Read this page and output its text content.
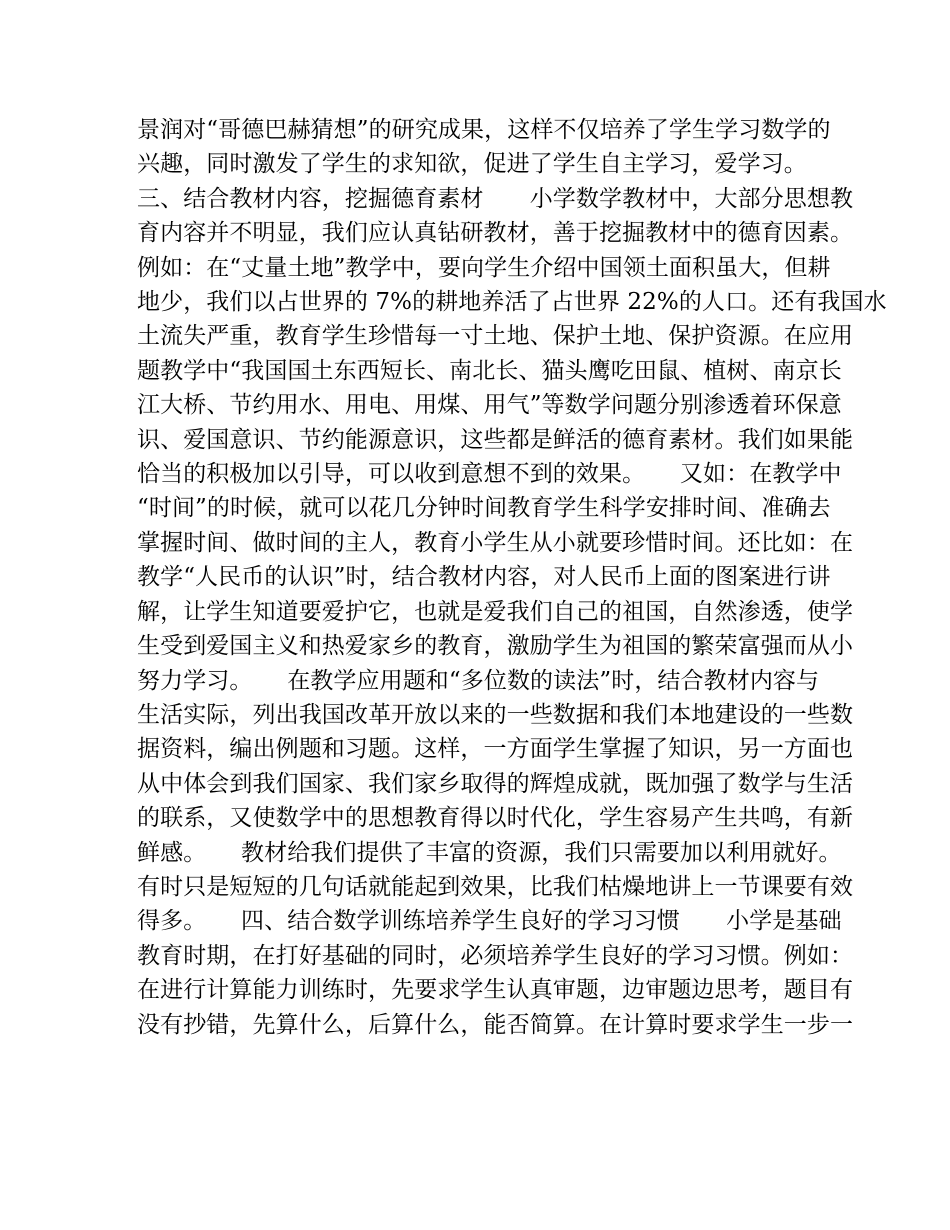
景润对“哥德巴赫猜想”的研究成果，这样不仅培养了学生学习数学的
兴趣，同时激发了学生的求知欲，促进了学生自主学习，爱学习。
三、结合教材内容，挖掘德育素材　　小学数学教材中，大部分思想教
育内容并不明显，我们应认真钻研教材，善于挖掘教材中的德育因素。
例如：在“丈量土地”教学中，要向学生介绍中国领土面积虽大，但耕
地少，我们以占世界的 7%的耕地养活了占世界 22%的人口。还有我国水
土流失严重，教育学生珍惜每一寸土地、保护土地、保护资源。在应用
题教学中“我国国土东西短长、南北长、猫头鹰吃田鼠、植树、南京长
江大桥、节约用水、用电、用煤、用气”等数学问题分别渗透着环保意
识、爱国意识、节约能源意识，这些都是鲜活的德育素材。我们如果能
恰当的积极加以引导，可以收到意想不到的效果。　　又如：在教学中
“时间”的时候，就可以花几分钟时间教育学生科学安排时间、准确去
掌握时间、做时间的主人，教育小学生从小就要珍惜时间。还比如：在
教学“人民币的认识”时，结合教材内容，对人民币上面的图案进行讲
解，让学生知道要爱护它，也就是爱我们自己的祖国，自然渗透，使学
生受到爱国主义和热爱家乡的教育，激励学生为祖国的繁荣富强而从小
努力学习。　　在教学应用题和“多位数的读法”时，结合教材内容与
生活实际，列出我国改革开放以来的一些数据和我们本地建设的一些数
据资料，编出例题和习题。这样，一方面学生掌握了知识，另一方面也
从中体会到我们国家、我们家乡取得的辉煌成就，既加强了数学与生活
的联系，又使数学中的思想教育得以时代化，学生容易产生共鸣，有新
鲜感。　　教材给我们提供了丰富的资源，我们只需要加以利用就好。
有时只是短短的几句话就能起到效果，比我们枯燥地讲上一节课要有效
得多。　　四、结合数学训练培养学生良好的学习习惯　　小学是基础
教育时期，在打好基础的同时，必须培养学生良好的学习习惯。例如：
在进行计算能力训练时，先要求学生认真审题，边审题边思考，题目有
没有抄错，先算什么，后算什么，能否简算。在计算时要求学生一步一
